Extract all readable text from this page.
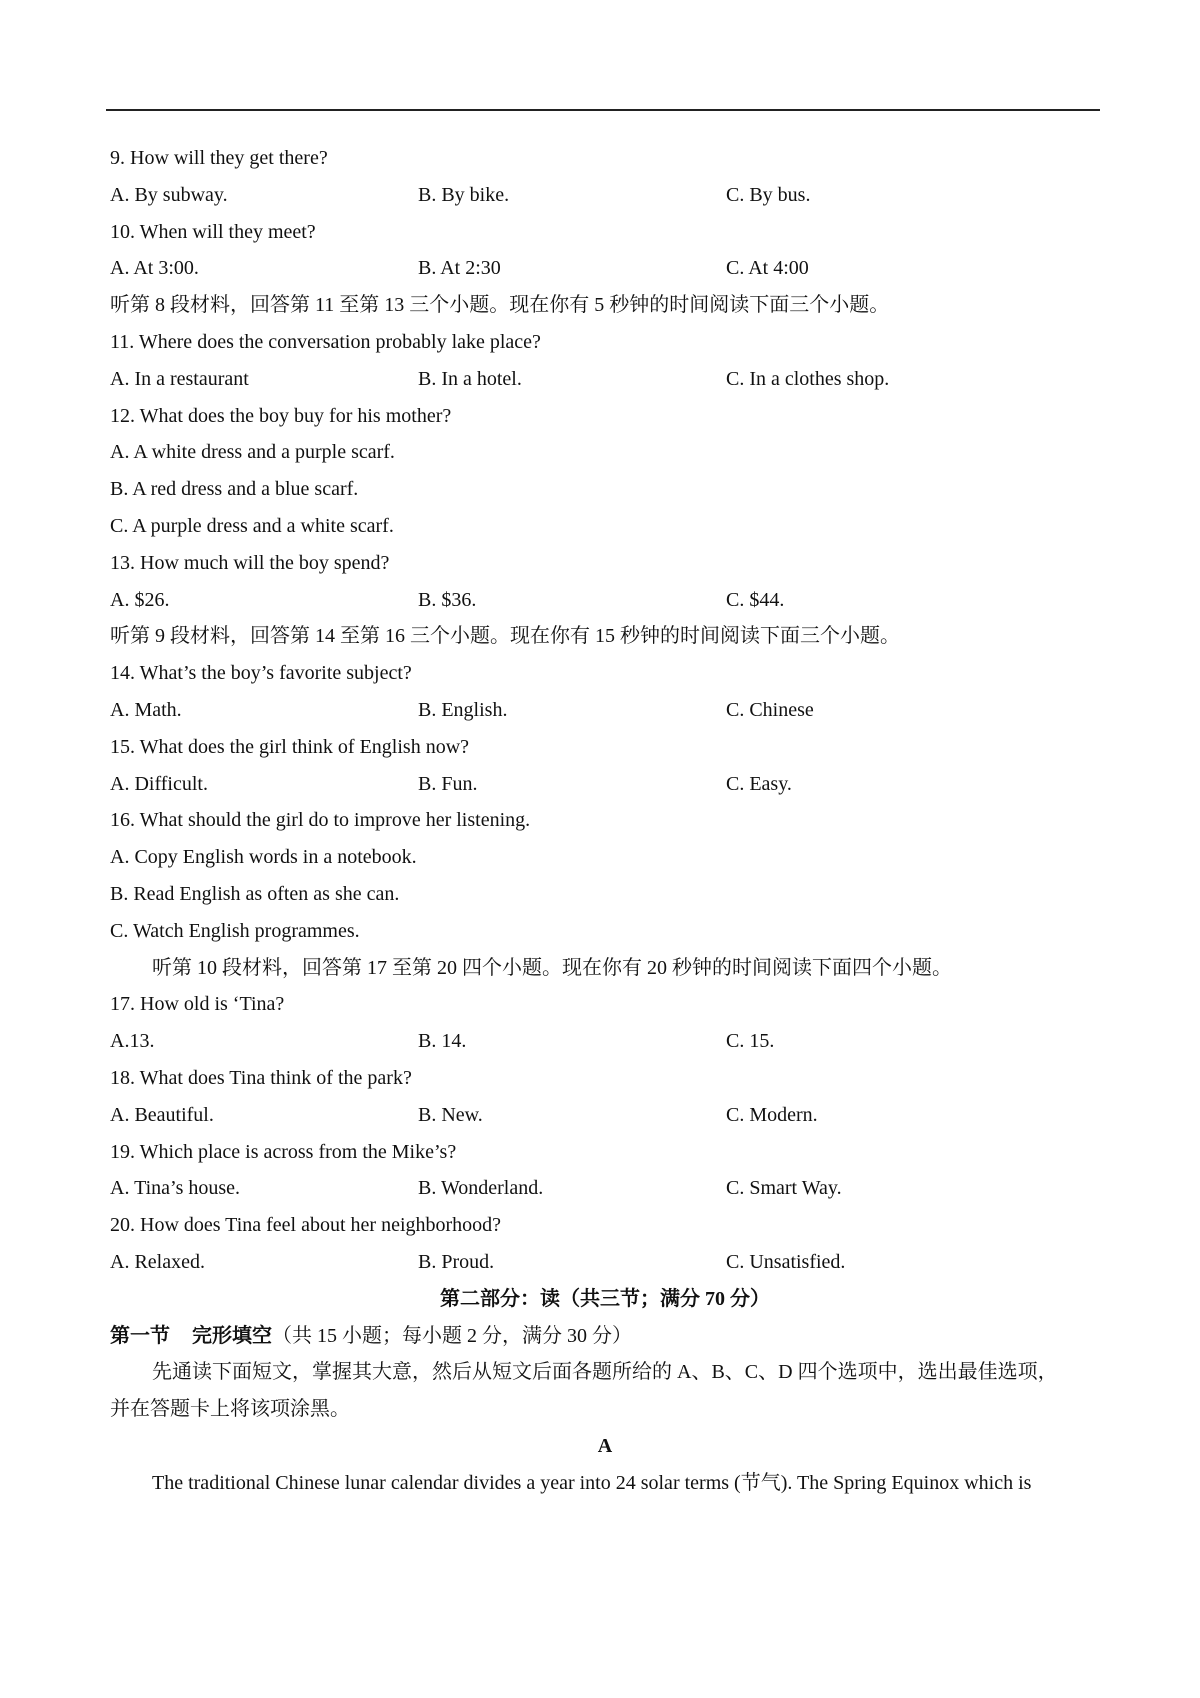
9. How will they get there?
A. By subway.	B. By bike.	C. By bus.
10. When will they meet?
A. At 3:00.	B. At 2:30	C. At 4:00
听第 8 段材料，回答第 11 至第 13 三个小题。现在你有 5 秒钟的时间阅读下面三个小题。
11. Where does the conversation probably lake place?
A. In a restaurant	B. In a hotel.	C. In a clothes shop.
12. What does the boy buy for his mother?
A. A white dress and a purple scarf.
B. A red dress and a blue scarf.
C. A purple dress and a white scarf.
13. How much will the boy spend?
A. $26.	B. $36.	C. $44.
听第 9 段材料，回答第 14 至第 16 三个小题。现在你有 15 秒钟的时间阅读下面三个小题。
14. What’s the boy’s favorite subject?
A. Math.	B. English.	C. Chinese
15. What does the girl think of English now?
A. Difficult.	B. Fun.	C. Easy.
16. What should the girl do to improve her listening.
A. Copy English words in a notebook.
B. Read English as often as she can.
C. Watch English programmes.
听第 10 段材料，回答第 17 至第 20 四个小题。现在你有 20 秒钟的时间阅读下面四个小题。
17. How old is ‘Tina?
A.13.	B. 14.	C. 15.
18. What does Tina think of the park?
A. Beautiful.	B. New.	C. Modern.
19. Which place is across from the Mike’s?
A. Tina’s house.	B. Wonderland.	C. Smart Way.
20. How does Tina feel about her neighborhood?
A. Relaxed.	B. Proud.	C. Unsatisfied.
第二部分：读（共三节；满分 70 分）
第一节 完形填空（共 15 小题；每小题 2 分，满分 30 分）
先通读下面短文，掌握其大意，然后从短文后面各题所给的 A、B、C、D 四个选项中，选出最佳选项，
并在答题卡上将该项涂黑。
A
The traditional Chinese lunar calendar divides a year into 24 solar terms (节气). The Spring Equinox which is
